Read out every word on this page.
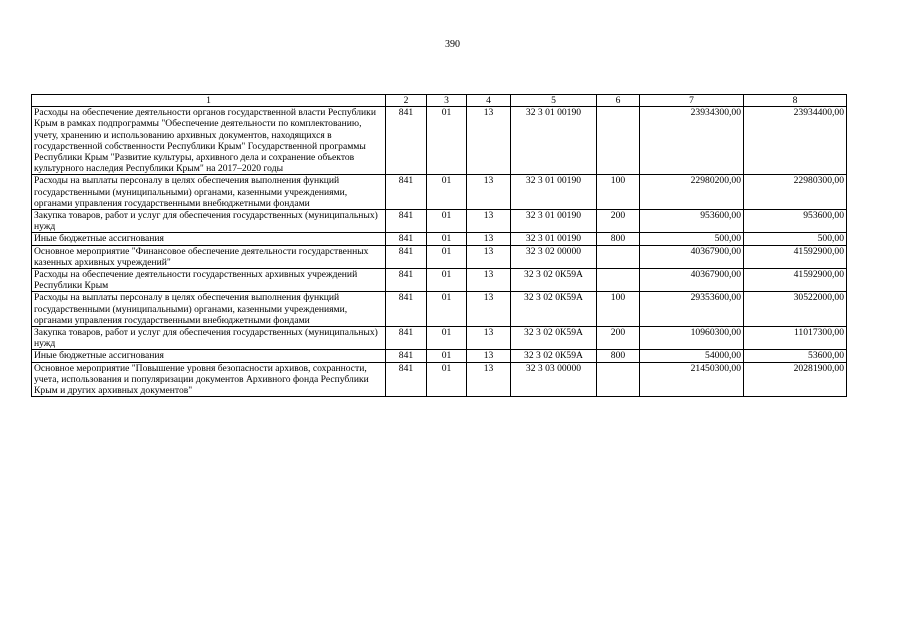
390
1	2	3	4	5	6	7	8
Расходы на обеспечение деятельности органов государственной власти Республики Крым в рамках подпрограммы "Обеспечение деятельности по комплектованию, учету, хранению и использованию архивных документов, находящихся в государственной собственности Республики Крым" Государственной программы Республики Крым "Развитие культуры, архивного дела и сохранение объектов культурного наследия Республики Крым" на 2017–2020 годы	841	01	13	32 3 01 00190		23934300,00	23934400,00
Расходы на выплаты персоналу в целях обеспечения выполнения функций государственными (муниципальными) органами, казенными учреждениями, органами управления государственными внебюджетными фондами	841	01	13	32 3 01 00190	100	22980200,00	22980300,00
Закупка товаров, работ и услуг для обеспечения государственных (муниципальных) нужд	841	01	13	32 3 01 00190	200	953600,00	953600,00
Иные бюджетные ассигнования	841	01	13	32 3 01 00190	800	500,00	500,00
Основное мероприятие "Финансовое обеспечение деятельности государственных казенных архивных учреждений"	841	01	13	32 3 02 00000		40367900,00	41592900,00
Расходы на обеспечение деятельности государственных архивных учреждений Республики Крым	841	01	13	32 3 02 0К59А		40367900,00	41592900,00
Расходы на выплаты персоналу в целях обеспечения выполнения функций государственными (муниципальными) органами, казенными учреждениями, органами управления государственными внебюджетными фондами	841	01	13	32 3 02 0К59А	100	29353600,00	30522000,00
Закупка товаров, работ и услуг для обеспечения государственных (муниципальных) нужд	841	01	13	32 3 02 0К59А	200	10960300,00	11017300,00
Иные бюджетные ассигнования	841	01	13	32 3 02 0К59А	800	54000,00	53600,00
Основное мероприятие "Повышение уровня безопасности архивов, сохранности, учета, использования и популяризации документов Архивного фонда Республики Крым и других архивных документов"	841	01	13	32 3 03 00000		21450300,00	20281900,00
